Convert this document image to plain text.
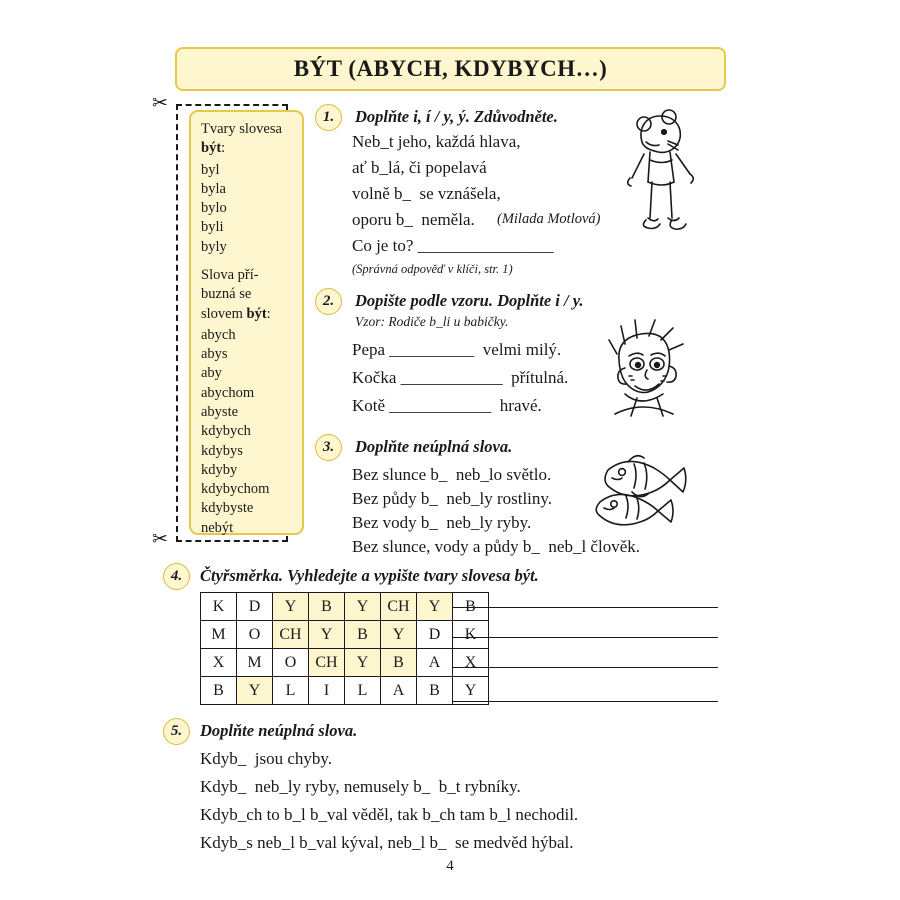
BÝT (ABYCH, KDYBYCH…)
✂
✂
Tvary slovesa
být:
byl
byla
bylo
byli
byly
Slova pří-
buzná se
slovem být:
abych
abys
aby
abychom
abyste
kdybych
kdybys
kdyby
kdybychom
kdybyste
nebýt
1.	Doplňte i, í / y, ý. Zdůvodněte.
Neb_t jeho, každá hlava,
ať b_lá, či popelavá
volně b_  se vznášela,
oporu b_  neměla. (Milada Motlová)
Co je to? ________________
(Správná odpověď v klíči, str. 1)
2.	Dopište podle vzoru. Doplňte i / y.
Vzor: Rodiče b_li u babičky.
Pepa __________  velmi milý.
Kočka ____________  přítulná.
Kotě ____________  hravé.
3.	Doplňte neúplná slova.
Bez slunce b_  neb_lo světlo.
Bez půdy b_  neb_ly rostliny.
Bez vody b_  neb_ly ryby.
Bez slunce, vody a půdy b_  neb_l člověk.
4.	Čtyřsměrka. Vyhledejte a vypište tvary slovesa být.
K	D	Y	B	Y	CH	Y	B
M	O	CH	Y	B	Y	D	K
X	M	O	CH	Y	B	A	X
B	Y	L	I	L	A	B	Y
5.	Doplňte neúplná slova.
Kdyb_  jsou chyby.
Kdyb_  neb_ly ryby, nemusely b_  b_t rybníky.
Kdyb_ch to b_l b_val věděl, tak b_ch tam b_l nechodil.
Kdyb_s neb_l b_val kýval, neb_l b_  se medvěd hýbal.
4
